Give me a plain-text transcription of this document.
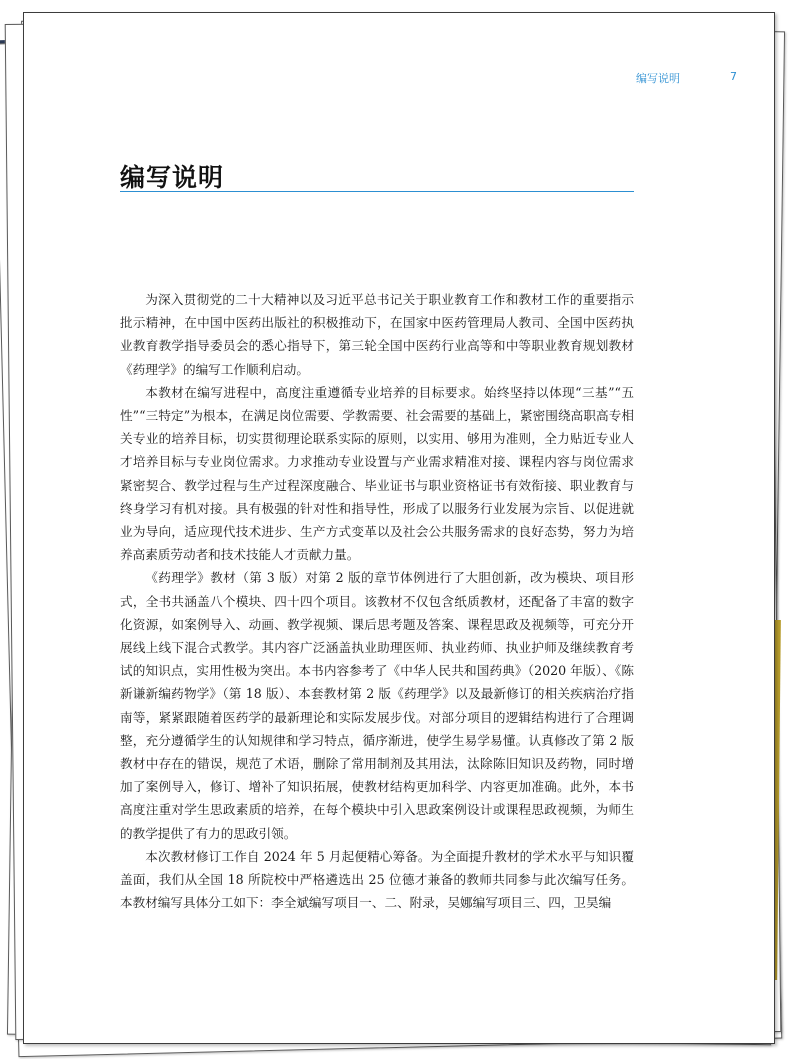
编写说明	7
编写说明

为深入贯彻党的二十大精神以及习近平总书记关于职业教育工作和教材工作的重要指示批示精神，在中国中医药出版社的积极推动下，在国家中医药管理局人教司、全国中医药执业教育教学指导委员会的悉心指导下，第三轮全国中医药行业高等和中等职业教育规划教材《药理学》的编写工作顺利启动。

本教材在编写进程中，高度注重遵循专业培养的目标要求。始终坚持以体现“三基”“五性”“三特定”为根本，在满足岗位需要、学教需要、社会需要的基础上，紧密围绕高职高专相关专业的培养目标，切实贯彻理论联系实际的原则，以实用、够用为准则，全力贴近专业人才培养目标与专业岗位需求。力求推动专业设置与产业需求精准对接、课程内容与岗位需求紧密契合、教学过程与生产过程深度融合、毕业证书与职业资格证书有效衔接、职业教育与终身学习有机对接。具有极强的针对性和指导性，形成了以服务行业发展为宗旨、以促进就业为导向，适应现代技术进步、生产方式变革以及社会公共服务需求的良好态势，努力为培养高素质劳动者和技术技能人才贡献力量。

《药理学》教材（第 3 版）对第 2 版的章节体例进行了大胆创新，改为模块、项目形式，全书共涵盖八个模块、四十四个项目。该教材不仅包含纸质教材，还配备了丰富的数字化资源，如案例导入、动画、教学视频、课后思考题及答案、课程思政及视频等，可充分开展线上线下混合式教学。其内容广泛涵盖执业助理医师、执业药师、执业护师及继续教育考试的知识点，实用性极为突出。本书内容参考了《中华人民共和国药典》（2020 年版）、《陈新谦新编药物学》（第 18 版）、本套教材第 2 版《药理学》以及最新修订的相关疾病治疗指南等，紧紧跟随着医药学的最新理论和实际发展步伐。对部分项目的逻辑结构进行了合理调整，充分遵循学生的认知规律和学习特点，循序渐进，使学生易学易懂。认真修改了第 2 版教材中存在的错误，规范了术语，删除了常用制剂及其用法，汰除陈旧知识及药物，同时增加了案例导入，修订、增补了知识拓展，使教材结构更加科学、内容更加准确。此外，本书高度注重对学生思政素质的培养，在每个模块中引入思政案例设计或课程思政视频，为师生的教学提供了有力的思政引领。

本次教材修订工作自 2024 年 5 月起便精心筹备。为全面提升教材的学术水平与知识覆盖面，我们从全国 18 所院校中严格遴选出 25 位德才兼备的教师共同参与此次编写任务。本教材编写具体分工如下：李全斌编写项目一、二、附录，吴娜编写项目三、四，卫昊编
